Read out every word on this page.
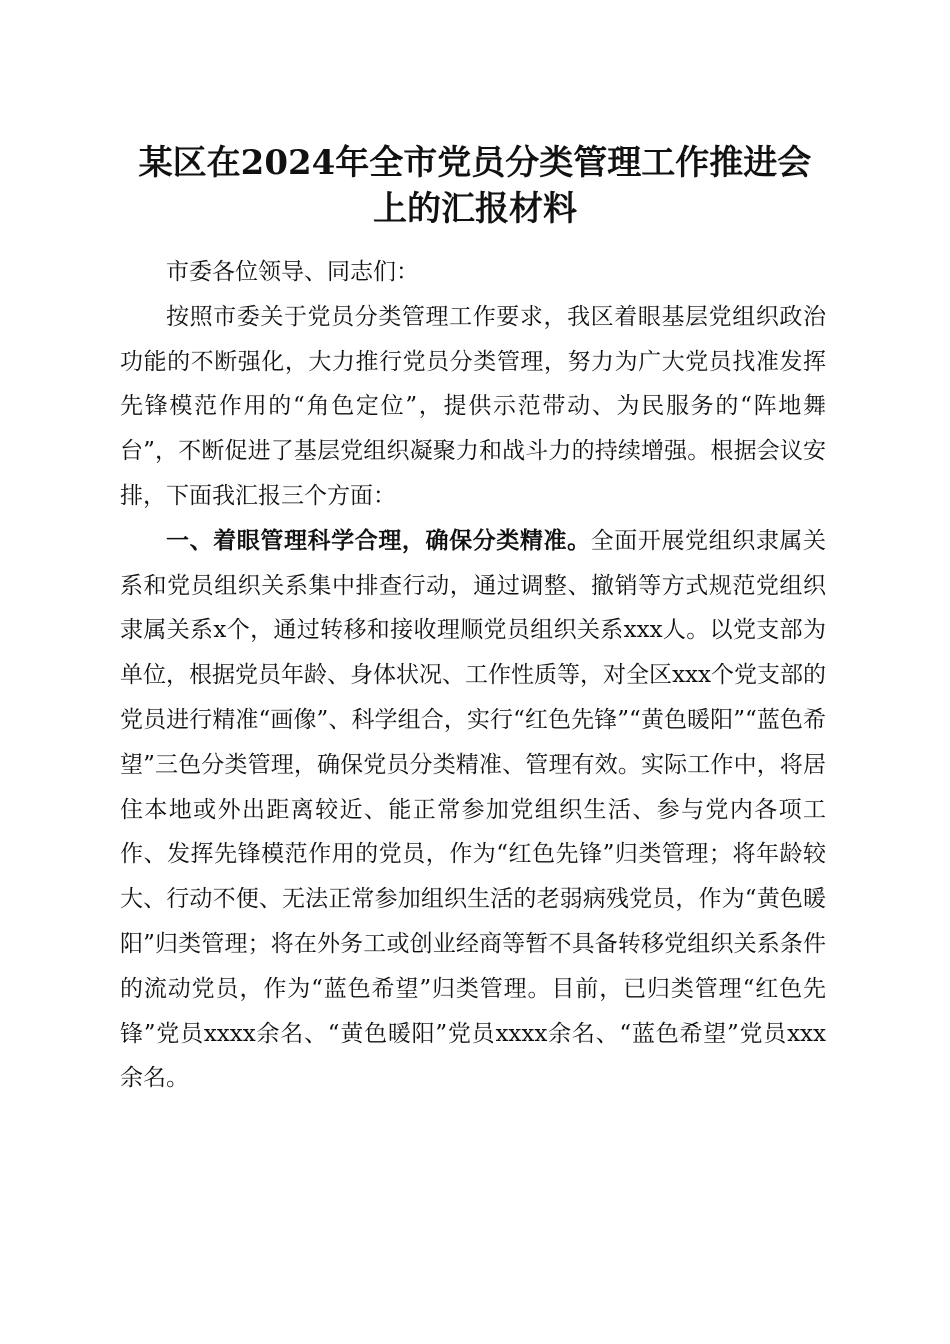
某区在2024年全市党员分类管理工作推进会
上的汇报材料

市委各位领导、同志们：

按照市委关于党员分类管理工作要求，我区着眼基层党组织政治功能的不断强化，大力推行党员分类管理，努力为广大党员找准发挥先锋模范作用的“角色定位”，提供示范带动、为民服务的“阵地舞台”，不断促进了基层党组织凝聚力和战斗力的持续增强。根据会议安排，下面我汇报三个方面：

一、着眼管理科学合理，确保分类精准。全面开展党组织隶属关系和党员组织关系集中排查行动，通过调整、撤销等方式规范党组织隶属关系x个，通过转移和接收理顺党员组织关系xxx人。以党支部为单位，根据党员年龄、身体状况、工作性质等，对全区xxx个党支部的党员进行精准“画像”、科学组合，实行“红色先锋”“黄色暖阳”“蓝色希望”三色分类管理，确保党员分类精准、管理有效。实际工作中，将居住本地或外出距离较近、能正常参加党组织生活、参与党内各项工作、发挥先锋模范作用的党员，作为“红色先锋”归类管理；将年龄较大、行动不便、无法正常参加组织生活的老弱病残党员，作为“黄色暖阳”归类管理；将在外务工或创业经商等暂不具备转移党组织关系条件的流动党员，作为“蓝色希望”归类管理。目前，已归类管理“红色先锋”党员xxxx余名、“黄色暖阳”党员xxxx余名、“蓝色希望”党员xxx余名。
